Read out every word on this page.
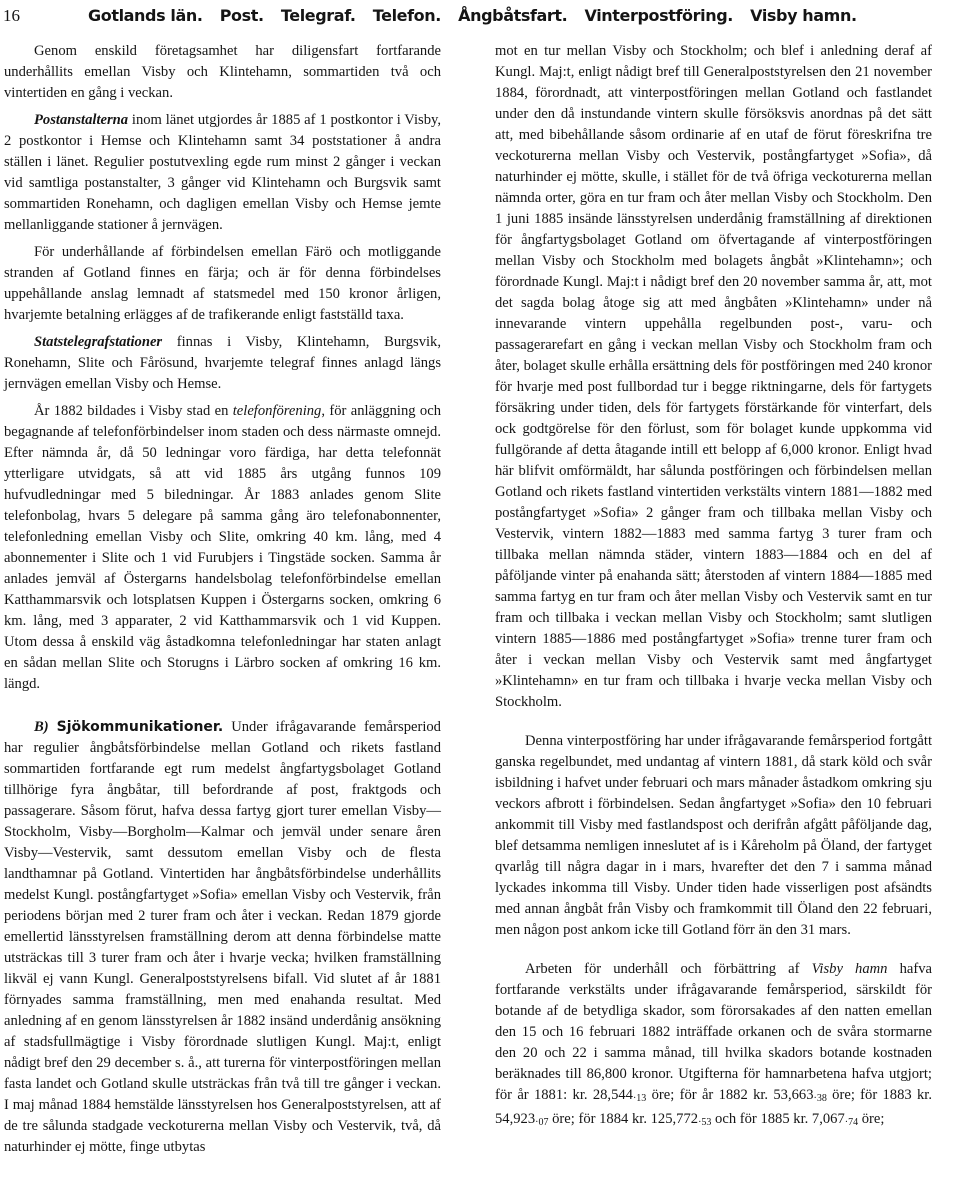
16	Gotlands län. Post. Telegraf. Telefon. Ångbåtsfart. Vinterpostföring. Visby hamn.

Genom enskild företagsamhet har diligensfart fortfarande underhållits emellan Visby och Klintehamn, sommartiden två och vintertiden en gång i veckan.

Postanstalterna inom länet utgjordes år 1885 af 1 postkontor i Visby, 2 postkontor i Hemse och Klintehamn samt 34 poststationer å andra ställen i länet. Regulier postutvexling egde rum minst 2 gånger i veckan vid samtliga postanstalter, 3 gånger vid Klintehamn och Burgsvik samt sommartiden Ronehamn, och dagligen emellan Visby och Hemse jemte mellanliggande stationer å jernvägen.

För underhållande af förbindelsen emellan Färö och motliggande stranden af Gotland finnes en färja; och är för denna förbindelses uppehållande anslag lemnadt af statsmedel med 150 kronor årligen, hvarjemte betalning erlägges af de trafikerande enligt fastställd taxa.

Statstelegrafstationer finnas i Visby, Klintehamn, Burgsvik, Ronehamn, Slite och Fårösund, hvarjemte telegraf finnes anlagd längs jernvägen emellan Visby och Hemse.

År 1882 bildades i Visby stad en telefonförening, för anläggning och begagnande af telefonförbindelser inom staden och dess närmaste omnejd. Efter nämnda år, då 50 ledningar voro färdiga, har detta telefonnät ytterligare utvidgats, så att vid 1885 års utgång funnos 109 hufvudledningar med 5 biledningar. År 1883 anlades genom Slite telefonbolag, hvars 5 delegare på samma gång äro telefonabonnenter, telefonledning emellan Visby och Slite, omkring 40 km. lång, med 4 abonnementer i Slite och 1 vid Furubjers i Tingstäde socken. Samma år anlades jemväl af Östergarns handelsbolag telefonförbindelse emellan Katthammarsvik och lotsplatsen Kuppen i Östergarns socken, omkring 6 km. lång, med 3 apparater, 2 vid Katthammarsvik och 1 vid Kuppen. Utom dessa å enskild väg åstadkomna telefonledningar har staten anlagt en sådan mellan Slite och Storugns i Lärbro socken af omkring 16 km. längd.

B) Sjökommunikationer. Under ifrågavarande femårsperiod har regulier ångbåtsförbindelse mellan Gotland och rikets fastland sommartiden fortfarande egt rum medelst ångfartygsbolaget Gotland tillhörige fyra ångbåtar, till befordrande af post, fraktgods och passagerare. Såsom förut, hafva dessa fartyg gjort turer emellan Visby—Stockholm, Visby—Borgholm—Kalmar och jemväl under senare åren Visby—Vestervik, samt dessutom emellan Visby och de flesta landthamnar på Gotland. Vintertiden har ångbåtsförbindelse underhållits medelst Kungl. postångfartyget »Sofia» emellan Visby och Vestervik, från periodens början med 2 turer fram och åter i veckan. Redan 1879 gjorde emellertid länsstyrelsen framställning derom att denna förbindelse matte utsträckas till 3 turer fram och åter i hvarje vecka; hvilken framställning likväl ej vann Kungl. Generalpoststyrelsens bifall. Vid slutet af år 1881 förnyades samma framställning, men med enahanda resultat. Med anledning af en genom länsstyrelsen år 1882 insänd underdånig ansökning af stadsfullmägtige i Visby förordnade slutligen Kungl. Maj:t, enligt nådigt bref den 29 december s. å., att turerna för vinterpostföringen mellan fasta landet och Gotland skulle utsträckas från två till tre gånger i veckan. I maj månad 1884 hemstälde länsstyrelsen hos Generalpoststyrelsen, att af de tre sålunda stadgade veckoturerna mellan Visby och Vestervik, två, då naturhinder ej mötte, finge utbytas

mot en tur mellan Visby och Stockholm; och blef i anledning deraf af Kungl. Maj:t, enligt nådigt bref till Generalpoststyrelsen den 21 november 1884, förordnadt, att vinterpostföringen mellan Gotland och fastlandet under den då instundande vintern skulle försöksvis anordnas på det sätt att, med bibehållande såsom ordinarie af en utaf de förut föreskrifna tre veckoturerna mellan Visby och Vestervik, postångfartyget »Sofia», då naturhinder ej mötte, skulle, i stället för de två öfriga veckoturerna mellan nämnda orter, göra en tur fram och åter mellan Visby och Stockholm. Den 1 juni 1885 insände länsstyrelsen underdånig framställning af direktionen för ångfartygsbolaget Gotland om öfvertagande af vinterpostföringen mellan Visby och Stockholm med bolagets ångbåt »Klintehamn»; och förordnade Kungl. Maj:t i nådigt bref den 20 november samma år, att, mot det sagda bolag åtoge sig att med ångbåten »Klintehamn» under nå innevarande vintern uppehålla regelbunden post-, varu- och passagerarefart en gång i veckan mellan Visby och Stockholm fram och åter, bolaget skulle erhålla ersättning dels för postföringen med 240 kronor för hvarje med post fullbordad tur i begge riktningarne, dels för fartygets försäkring under tiden, dels för fartygets förstärkande för vinterfart, dels ock godtgörelse för den förlust, som för bolaget kunde uppkomma vid fullgörande af detta åtagande intill ett belopp af 6,000 kronor. Enligt hvad här blifvit omförmäldt, har sålunda postföringen och förbindelsen mellan Gotland och rikets fastland vintertiden verkstälts vintern 1881—1882 med postångfartyget »Sofia» 2 gånger fram och tillbaka mellan Visby och Vestervik, vintern 1882—1883 med samma fartyg 3 turer fram och tillbaka mellan nämnda städer, vintern 1883—1884 och en del af påföljande vinter på enahanda sätt; återstoden af vintern 1884—1885 med samma fartyg en tur fram och åter mellan Visby och Vestervik samt en tur fram och tillbaka i veckan mellan Visby och Stockholm; samt slutligen vintern 1885—1886 med postångfartyget »Sofia» trenne turer fram och åter i veckan mellan Visby och Vestervik samt med ångfartyget »Klintehamn» en tur fram och tillbaka i hvarje vecka mellan Visby och Stockholm.

Denna vinterpostföring har under ifrågavarande femårsperiod fortgått ganska regelbundet, med undantag af vintern 1881, då stark köld och svår isbildning i hafvet under februari och mars månader åstadkom omkring sju veckors afbrott i förbindelsen. Sedan ångfartyget »Sofia» den 10 februari ankommit till Visby med fastlandspost och derifrån afgått påföljande dag, blef detsamma nemligen inneslutet af is i Kåreholm på Öland, der fartyget qvarlåg till några dagar in i mars, hvarefter det den 7 i samma månad lyckades inkomma till Visby. Under tiden hade visserligen post afsändts med annan ångbåt från Visby och framkommit till Öland den 22 februari, men någon post ankom icke till Gotland förr än den 31 mars.

Arbeten för underhåll och förbättring af Visby hamn hafva fortfarande verkstälts under ifrågavarande femårsperiod, särskildt för botande af de betydliga skador, som förorsakades af den natten emellan den 15 och 16 februari 1882 inträffade orkanen och de svåra stormarne den 20 och 22 i samma månad, till hvilka skadors botande kostnaden beräknades till 86,800 kronor. Utgifterna för hamnarbetena hafva utgjort; för år 1881: kr. $28,544_{\cdot 13}$ öre; för år 1882 kr. $53,663_{\cdot 38}$ öre; för 1883 kr. $54,923_{\cdot 07}$ öre; för 1884 kr. $125,772_{\cdot 53}$ och för 1885 kr. $7,067_{\cdot 74}$ öre;
